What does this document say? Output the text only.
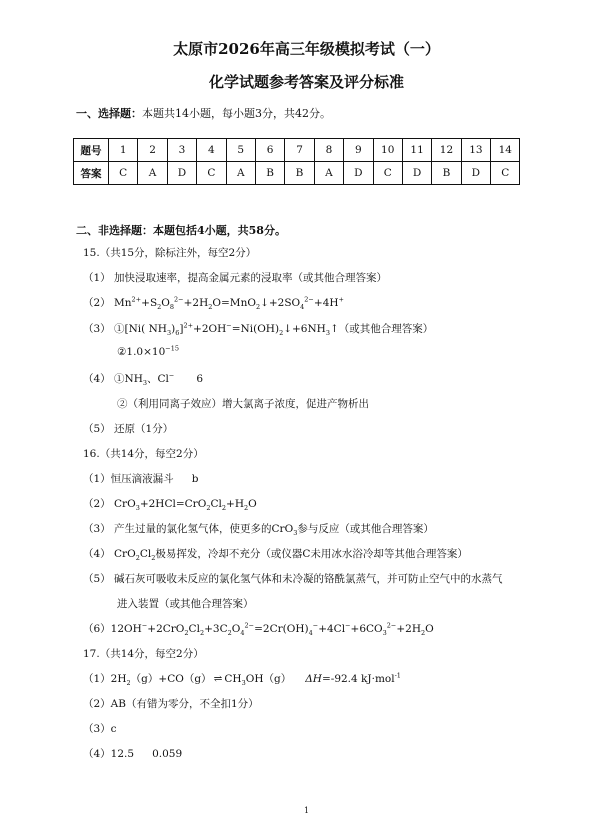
太原市2026年高三年级模拟考试（一）
化学试题参考答案及评分标准
一、选择题：本题共14小题，每小题3分，共42分。
题号	1	2	3	4	5	6	7	8	9	10	11	12	13	14
答案	C	A	D	C	A	B	B	A	D	C	D	B	D	C
二、非选择题：本题包括4小题，共58分。
15.（共15分，除标注外，每空2分）
（1） 加快浸取速率，提高金属元素的浸取率（或其他合理答案）
（2） $Mn^{2+}+S_2O_8^{2-}+2H_2O=MnO_2↓+2SO_4^{2-}+4H^+$
（3） ①[Ni( $NH_3)_6]^{2+}+2OH^-=Ni(OH)_2↓+6NH_3↑$（或其他合理答案）
$②1.0\times 10^{-15}$
（4） $①NH_3$、Cl− 6
②（利用同离子效应）增大氯离子浓度，促进产物析出
（5） 还原（1分）
16.（共14分，每空2分）
（1）恒压滴液漏斗 b
（2） $CrO_3+2HCl=CrO_2Cl_2+H_2O$
（3） 产生过量的氯化氢气体，使更多的CrO$_3$参与反应（或其他合理答案）
（4） $CrO_2Cl_2$极易挥发，冷却不充分（或仪器C未用冰水浴冷却等其他合理答案）
（5） 碱石灰可吸收未反应的氯化氢气体和未冷凝的铬酰氯蒸气，并可防止空气中的水蒸气
进入装置（或其他合理答案）
$(6)12OH^-+2CrO_2Cl_2+3C_2O_4^{2-}=2Cr(OH)_4^-+4Cl^-+6CO_3^{2-}+2H_2O$
17.（共14分，每空2分）
$(1)2H_2(g)+CO(g)$ ⇌ $CH_3OH(g)$ ΔH=-92.4 kJ·mol$^{-1}$
（2）AB（有错为零分，不全扣1分）
（3）c
（4）12.5 0.059
1
